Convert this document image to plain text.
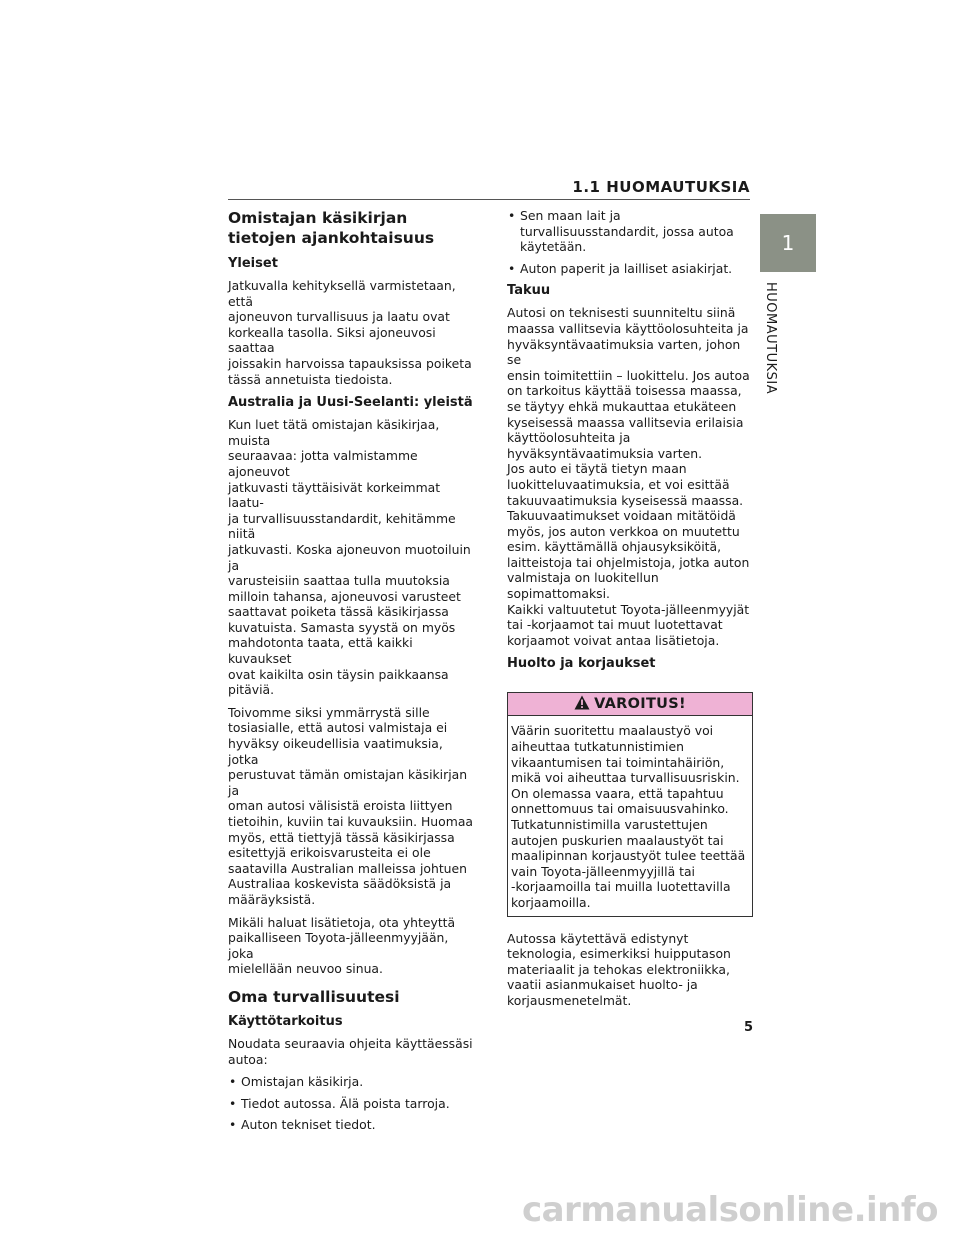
1.1 HUOMAUTUKSIA
1
HUOMAUTUKSIA
Omistajan käsikirjan tietojen ajankohtaisuus
Yleiset

Jatkuvalla kehityksellä varmistetaan, että
ajoneuvon turvallisuus ja laatu ovat
korkealla tasolla. Siksi ajoneuvosi saattaa
joissakin harvoissa tapauksissa poiketa
tässä annetuista tiedoista.

Australia ja Uusi-Seelanti: yleistä

Kun luet tätä omistajan käsikirjaa, muista
seuraavaa: jotta valmistamme ajoneuvot
jatkuvasti täyttäisivät korkeimmat laatu-
ja turvallisuusstandardit, kehitämme niitä
jatkuvasti. Koska ajoneuvon muotoiluin ja
varusteisiin saattaa tulla muutoksia
milloin tahansa, ajoneuvosi varusteet
saattavat poiketa tässä käsikirjassa
kuvatuista. Samasta syystä on myös
mahdotonta taata, että kaikki kuvaukset
ovat kaikilta osin täysin paikkaansa
pitäviä.

Toivomme siksi ymmärrystä sille
tosiasialle, että autosi valmistaja ei
hyväksy oikeudellisia vaatimuksia, jotka
perustuvat tämän omistajan käsikirjan ja
oman autosi välisistä eroista liittyen
tietoihin, kuviin tai kuvauksiin. Huomaa
myös, että tiettyjä tässä käsikirjassa
esitettyjä erikoisvarusteita ei ole
saatavilla Australian malleissa johtuen
Australiaa koskevista säädöksistä ja
määräyksistä.

Mikäli haluat lisätietoja, ota yhteyttä
paikalliseen Toyota-jälleenmyyjään, joka
mielellään neuvoo sinua.

Oma turvallisuutesi
Käyttötarkoitus

Noudata seuraavia ohjeita käyttäessäsi
autoa:

• Omistajan käsikirja.
• Tiedot autossa. Älä poista tarroja.
• Auton tekniset tiedot.
• Sen maan lait ja
turvallisuusstandardit, jossa autoa
käytetään.
• Auton paperit ja lailliset asiakirjat.
Takuu

Autosi on teknisesti suunniteltu siinä
maassa vallitsevia käyttöolosuhteita ja
hyväksyntävaatimuksia varten, johon se
ensin toimitettiin – luokittelu. Jos autoa
on tarkoitus käyttää toisessa maassa,
se täytyy ehkä mukauttaa etukäteen
kyseisessä maassa vallitsevia erilaisia
käyttöolosuhteita ja
hyväksyntävaatimuksia varten.
Jos auto ei täytä tietyn maan
luokitteluvaatimuksia, et voi esittää
takuuvaatimuksia kyseisessä maassa.
Takuuvaatimukset voidaan mitätöidä
myös, jos auton verkkoa on muutettu
esim. käyttämällä ohjausyksiköitä,
laitteistoja tai ohjelmistoja, jotka auton
valmistaja on luokitellun sopimattomaksi.
Kaikki valtuutetut Toyota-jälleenmyyjät
tai -korjaamot tai muut luotettavat
korjaamot voivat antaa lisätietoja.

Huolto ja korjaukset
VAROITUS!
Väärin suoritettu maalaustyö voi
aiheuttaa tutkatunnistimien
vikaantumisen tai toimintahäiriön,
mikä voi aiheuttaa turvallisuusriskin.
On olemassa vaara, että tapahtuu
onnettomuus tai omaisuusvahinko.
Tutkatunnistimilla varustettujen
autojen puskurien maalaustyöt tai
maalipinnan korjaustyöt tulee teettää
vain Toyota-jälleenmyyjillä tai
-korjaamoilla tai muilla luotettavilla
korjaamoilla.

Autossa käytettävä edistynyt
teknologia, esimerkiksi huipputason
materiaalit ja tehokas elektroniikka,
vaatii asianmukaiset huolto- ja
korjausmenetelmät.

5
carmanualsonline.info
